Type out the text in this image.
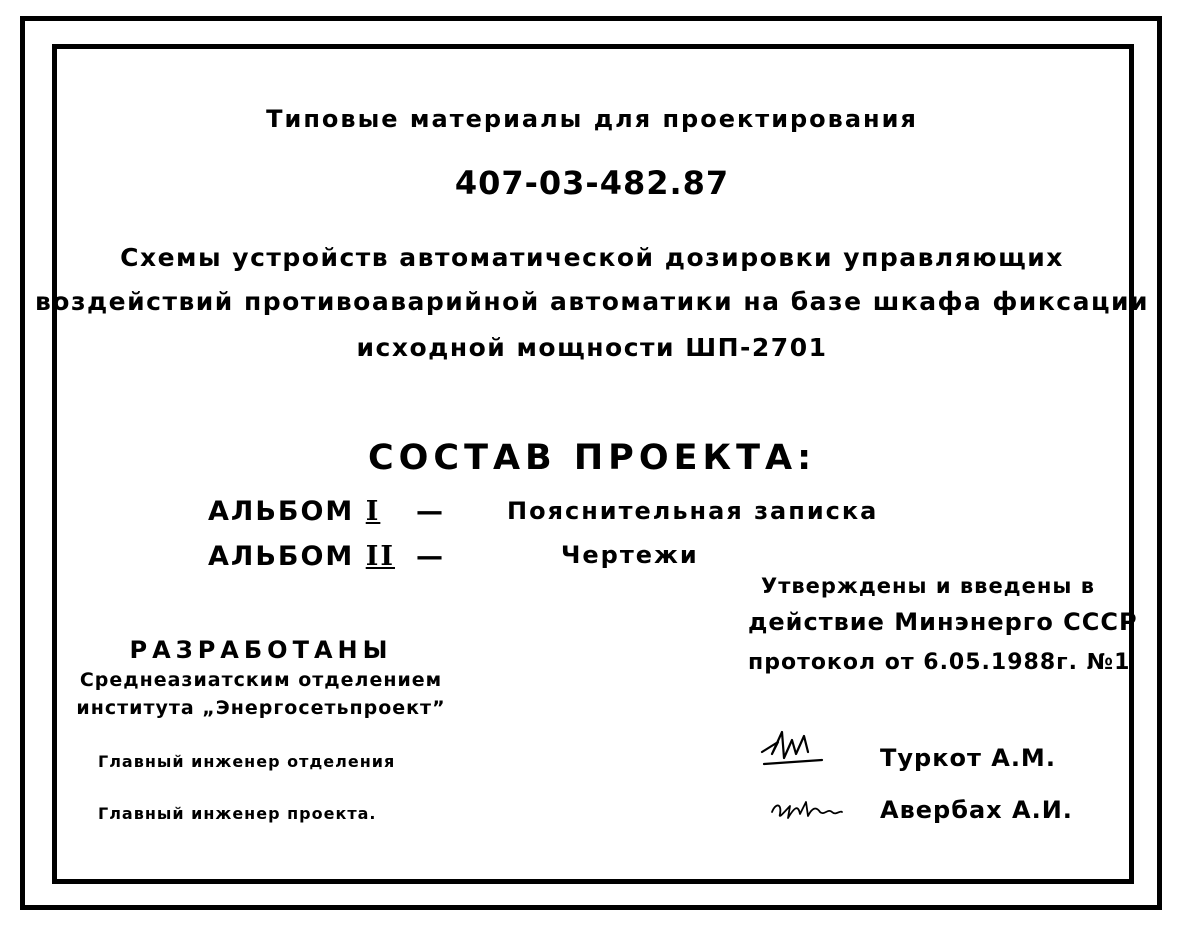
Типовые материалы для проектирования
407-03-482.87
Схемы устройств автоматической дозировки управляющих
воздействий противоаварийной автоматики на базе шкафа фиксации
исходной мощности ШП-2701
СОСТАВ ПРОЕКТА:
АЛЬБОМ I —	Пояснительная записка
АЛЬБОМ II —	Чертежи
Утверждены и введены в
действие Минэнерго СССР
протокол от 6.05.1988г. №1
РАЗРАБОТАНЫ
Среднеазиатским отделением
института „Энергосетьпроект”
Главный инженер отделения
Главный инженер проекта.
Туркот А.М.
Авербах А.И.
